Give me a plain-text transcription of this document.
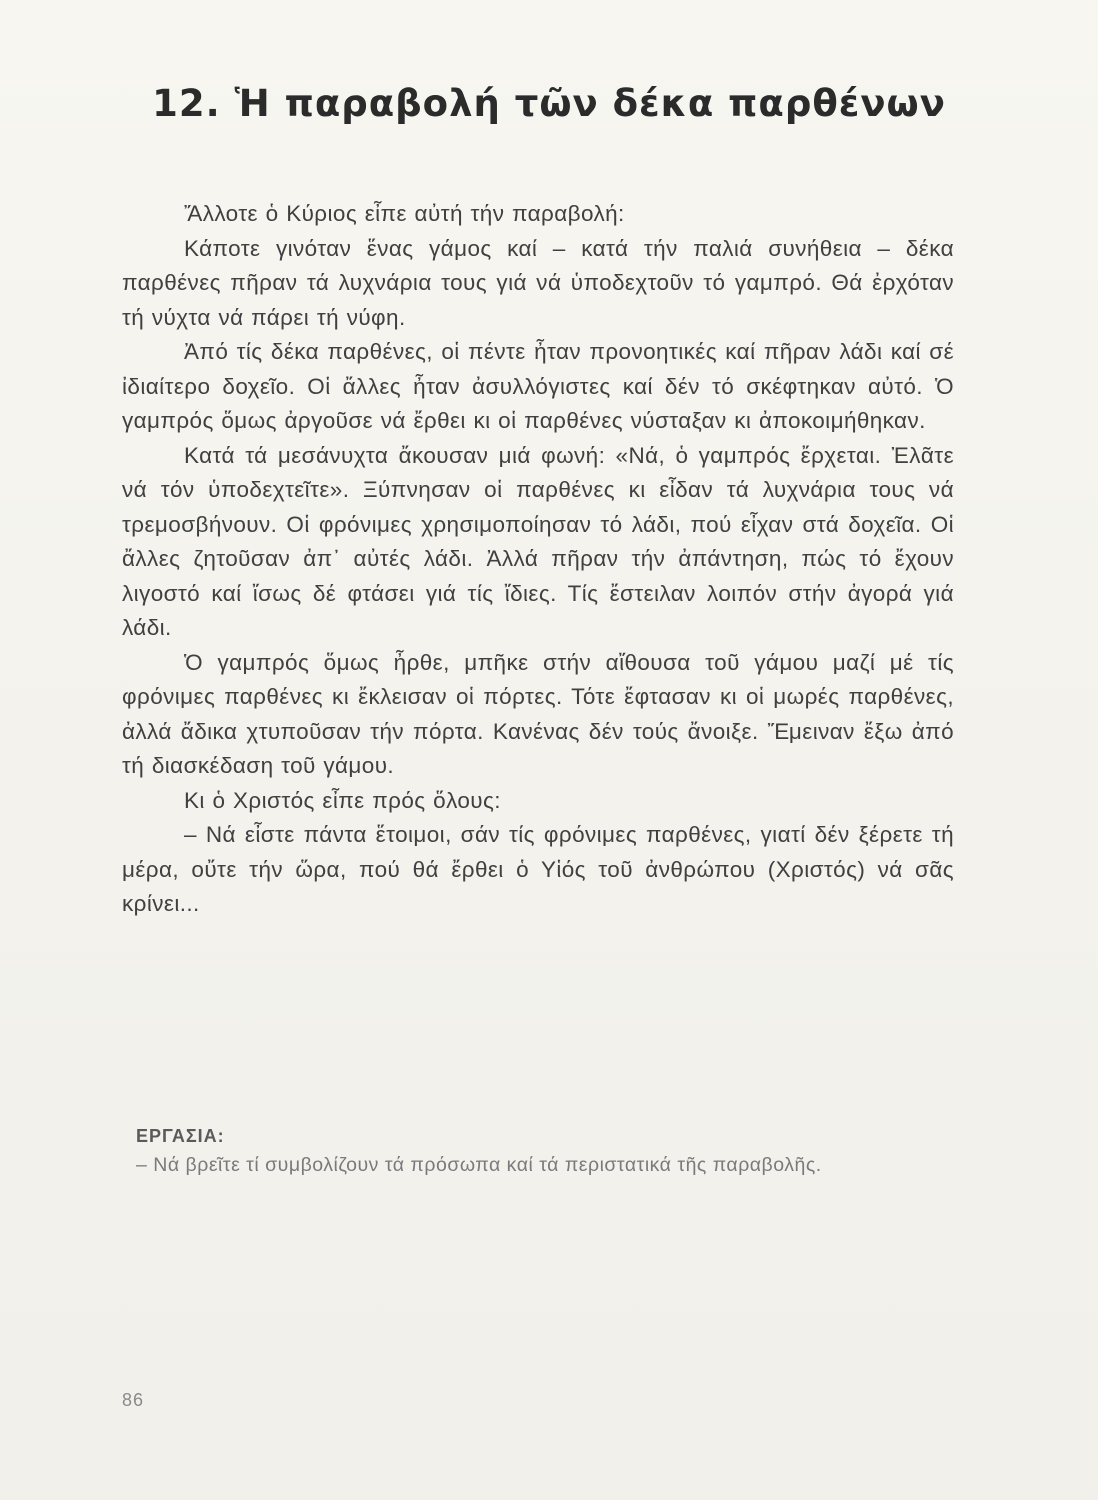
12. Ἡ παραβολή τῶν δέκα παρθένων

Ἄλλοτε ὁ Κύριος εἶπε αὐτή τήν παραβολή:

Κάποτε γινόταν ἕνας γάμος καί – κατά τήν παλιά συνήθεια – δέκα παρθένες πῆραν τά λυχνάρια τους γιά νά ὑποδεχτοῦν τό γαμπρό. Θά ἐρχόταν τή νύχτα νά πάρει τή νύφη.

Ἀπό τίς δέκα παρθένες, οἱ πέντε ἦταν προνοητικές καί πῆραν λάδι καί σέ ἰδιαίτερο δοχεῖο. Οἱ ἄλλες ἦταν ἀσυλλόγιστες καί δέν τό σκέφτηκαν αὐτό. Ὁ γαμπρός ὅμως ἀργοῦσε νά ἔρθει κι οἱ παρθένες νύσταξαν κι ἀποκοιμήθηκαν.

Κατά τά μεσάνυχτα ἄκουσαν μιά φωνή: «Νά, ὁ γαμπρός ἔρχεται. Ἐλᾶτε νά τόν ὑποδεχτεῖτε». Ξύπνησαν οἱ παρθένες κι εἶδαν τά λυχνάρια τους νά τρεμοσβήνουν. Οἱ φρόνιμες χρησιμοποίησαν τό λάδι, πού εἶχαν στά δοχεῖα. Οἱ ἄλλες ζητοῦσαν ἀπ᾽ αὐτές λάδι. Ἀλλά πῆραν τήν ἀπάντηση, πώς τό ἔχουν λιγοστό καί ἴσως δέ φτάσει γιά τίς ἴδιες. Τίς ἔστειλαν λοιπόν στήν ἀγορά γιά λάδι.

Ὁ γαμπρός ὅμως ἦρθε, μπῆκε στήν αἴθουσα τοῦ γάμου μαζί μέ τίς φρόνιμες παρθένες κι ἔκλεισαν οἱ πόρτες. Τότε ἔφτασαν κι οἱ μωρές παρθένες, ἀλλά ἄδικα χτυποῦσαν τήν πόρτα. Κανένας δέν τούς ἄνοιξε. Ἔμειναν ἔξω ἀπό τή διασκέδαση τοῦ γάμου.

Κι ὁ Χριστός εἶπε πρός ὅλους:

– Νά εἶστε πάντα ἕτοιμοι, σάν τίς φρόνιμες παρθένες, γιατί δέν ξέρετε τή μέρα, οὔτε τήν ὥρα, πού θά ἔρθει ὁ Υἱός τοῦ ἀνθρώπου (Χριστός) νά σᾶς κρίνει...

ΕΡΓΑΣΙΑ:

– Νά βρεῖτε τί συμβολίζουν τά πρόσωπα καί τά περιστατικά τῆς παραβολῆς.

86
